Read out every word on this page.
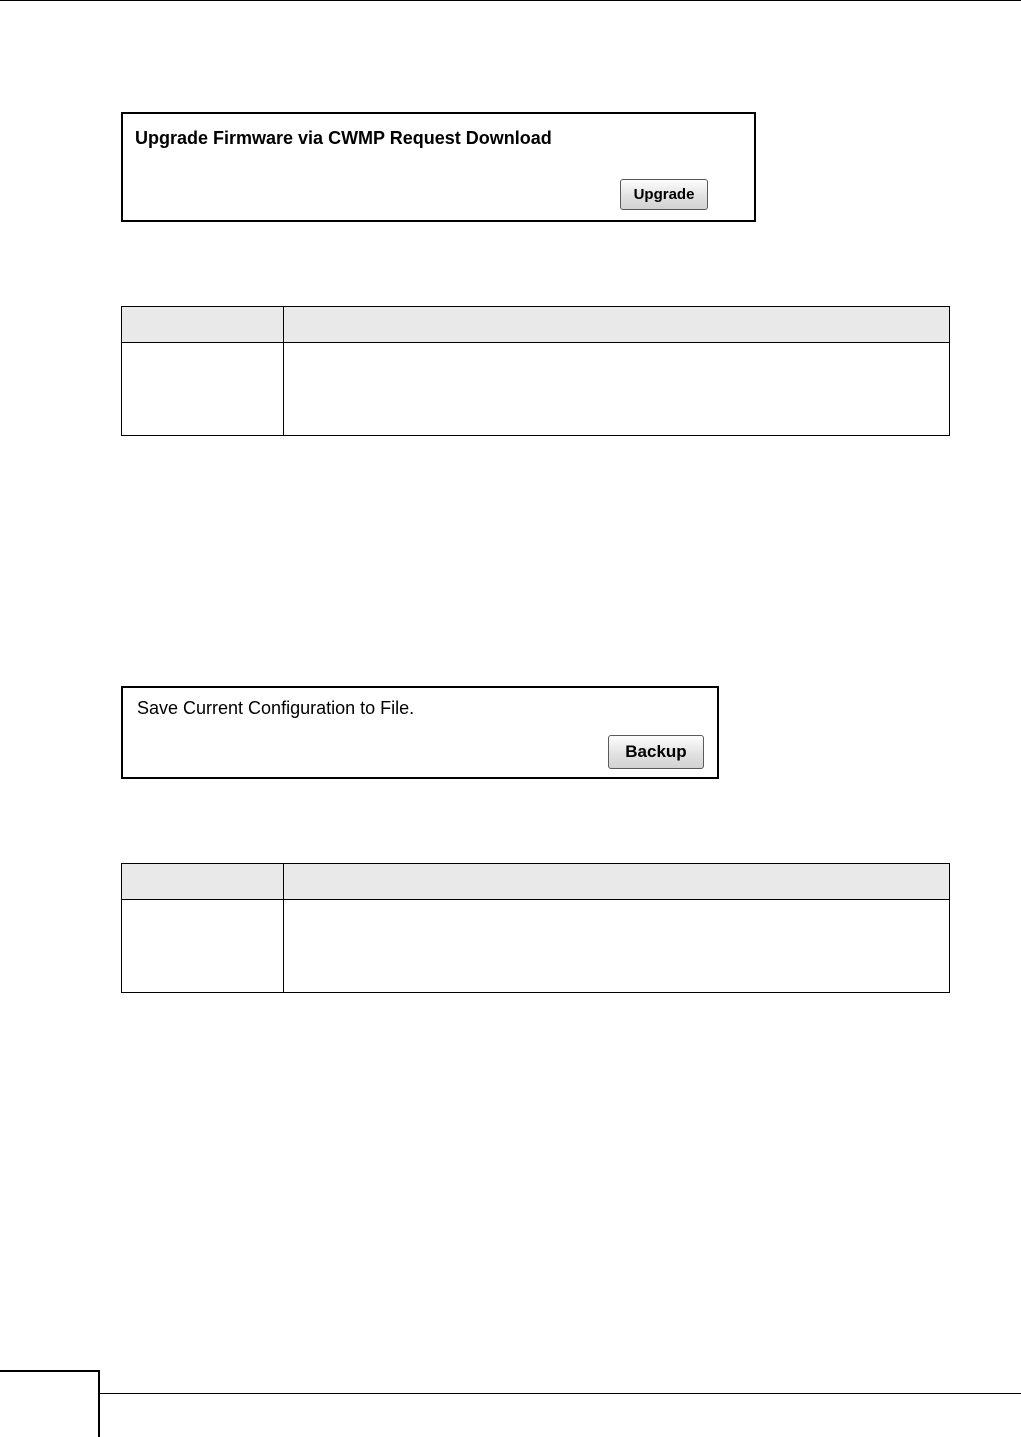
Upgrade Firmware via CWMP Request Download
Upgrade

Save Current Configuration to File.
Backup
